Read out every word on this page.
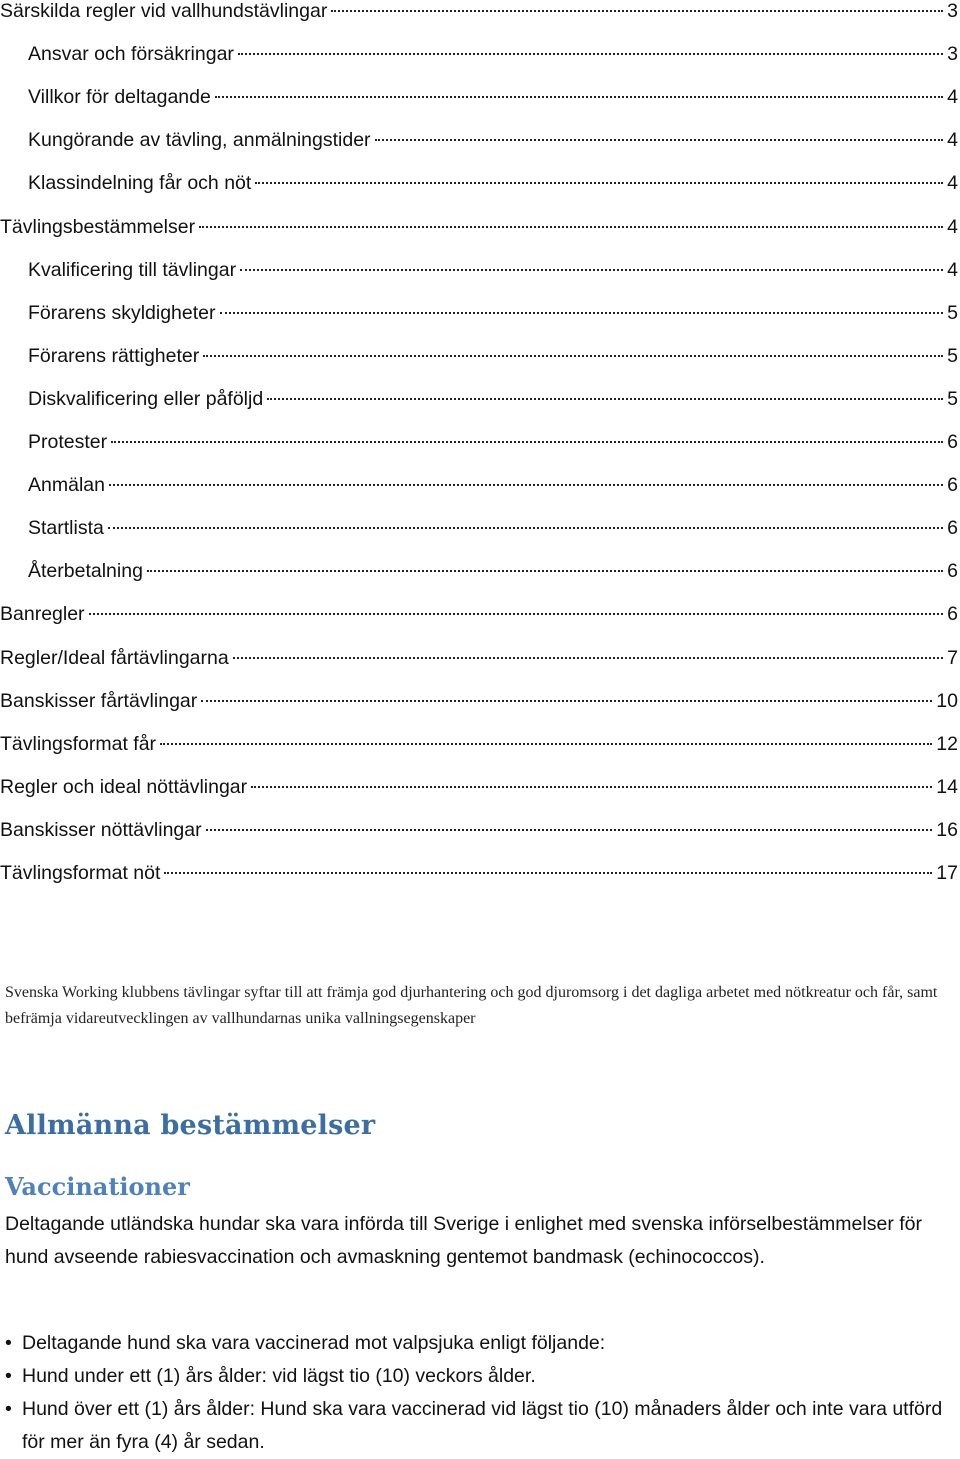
Särskilda regler vid vallhundstävlingar	3
Ansvar och försäkringar	3
Villkor för deltagande	4
Kungörande av tävling, anmälningstider	4
Klassindelning får och nöt	4
Tävlingsbestämmelser	4
Kvalificering till tävlingar	4
Förarens skyldigheter	5
Förarens rättigheter	5
Diskvalificering eller påföljd	5
Protester	6
Anmälan	6
Startlista	6
Återbetalning	6
Banregler	6
Regler/Ideal fårtävlingarna	7
Banskisser fårtävlingar	10
Tävlingsformat får	12
Regler och ideal nöttävlingar	14
Banskisser nöttävlingar	16
Tävlingsformat nöt	17
Svenska Working klubbens tävlingar syftar till att främja god djurhantering och god djuromsorg i det dagliga arbetet med nötkreatur och får, samt befrämja vidareutvecklingen av vallhundarnas unika vallningsegenskaper
Allmänna bestämmelser
Vaccinationer
Deltagande utländska hundar ska vara införda till Sverige i enlighet med svenska införselbestämmelser för hund avseende rabiesvaccination och avmaskning gentemot bandmask (echinococcos).
• Deltagande hund ska vara vaccinerad mot valpsjuka enligt följande:
• Hund under ett (1) års ålder: vid lägst tio (10) veckors ålder.
• Hund över ett (1) års ålder: Hund ska vara vaccinerad vid lägst tio (10) månaders ålder och inte vara utförd för mer än fyra (4) år sedan.
